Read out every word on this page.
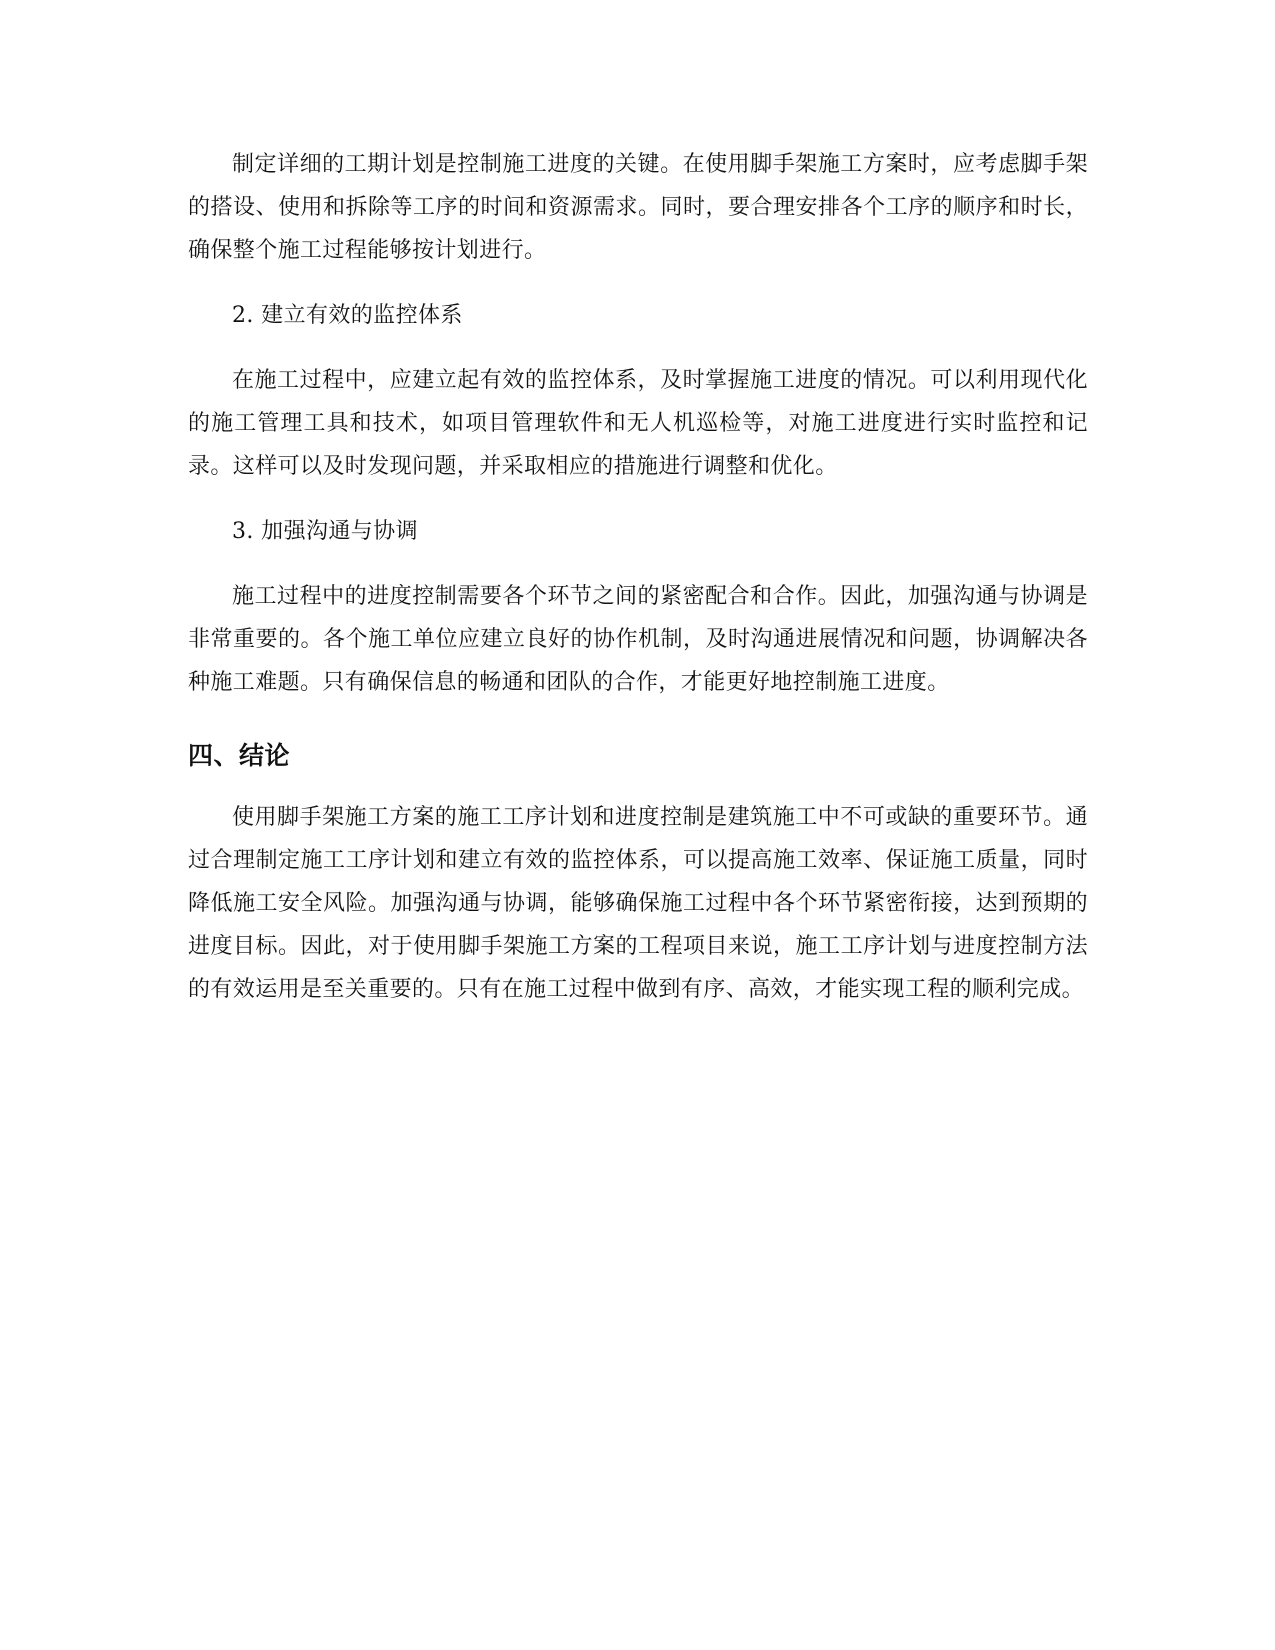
制定详细的工期计划是控制施工进度的关键。在使用脚手架施工方案时，应考虑脚手架的搭设、使用和拆除等工序的时间和资源需求。同时，要合理安排各个工序的顺序和时长，确保整个施工过程能够按计划进行。

2. 建立有效的监控体系

在施工过程中，应建立起有效的监控体系，及时掌握施工进度的情况。可以利用现代化的施工管理工具和技术，如项目管理软件和无人机巡检等，对施工进度进行实时监控和记录。这样可以及时发现问题，并采取相应的措施进行调整和优化。

3. 加强沟通与协调

施工过程中的进度控制需要各个环节之间的紧密配合和合作。因此，加强沟通与协调是非常重要的。各个施工单位应建立良好的协作机制，及时沟通进展情况和问题，协调解决各种施工难题。只有确保信息的畅通和团队的合作，才能更好地控制施工进度。

四、结论

使用脚手架施工方案的施工工序计划和进度控制是建筑施工中不可或缺的重要环节。通过合理制定施工工序计划和建立有效的监控体系，可以提高施工效率、保证施工质量，同时降低施工安全风险。加强沟通与协调，能够确保施工过程中各个环节紧密衔接，达到预期的进度目标。因此，对于使用脚手架施工方案的工程项目来说，施工工序计划与进度控制方法的有效运用是至关重要的。只有在施工过程中做到有序、高效，才能实现工程的顺利完成。
